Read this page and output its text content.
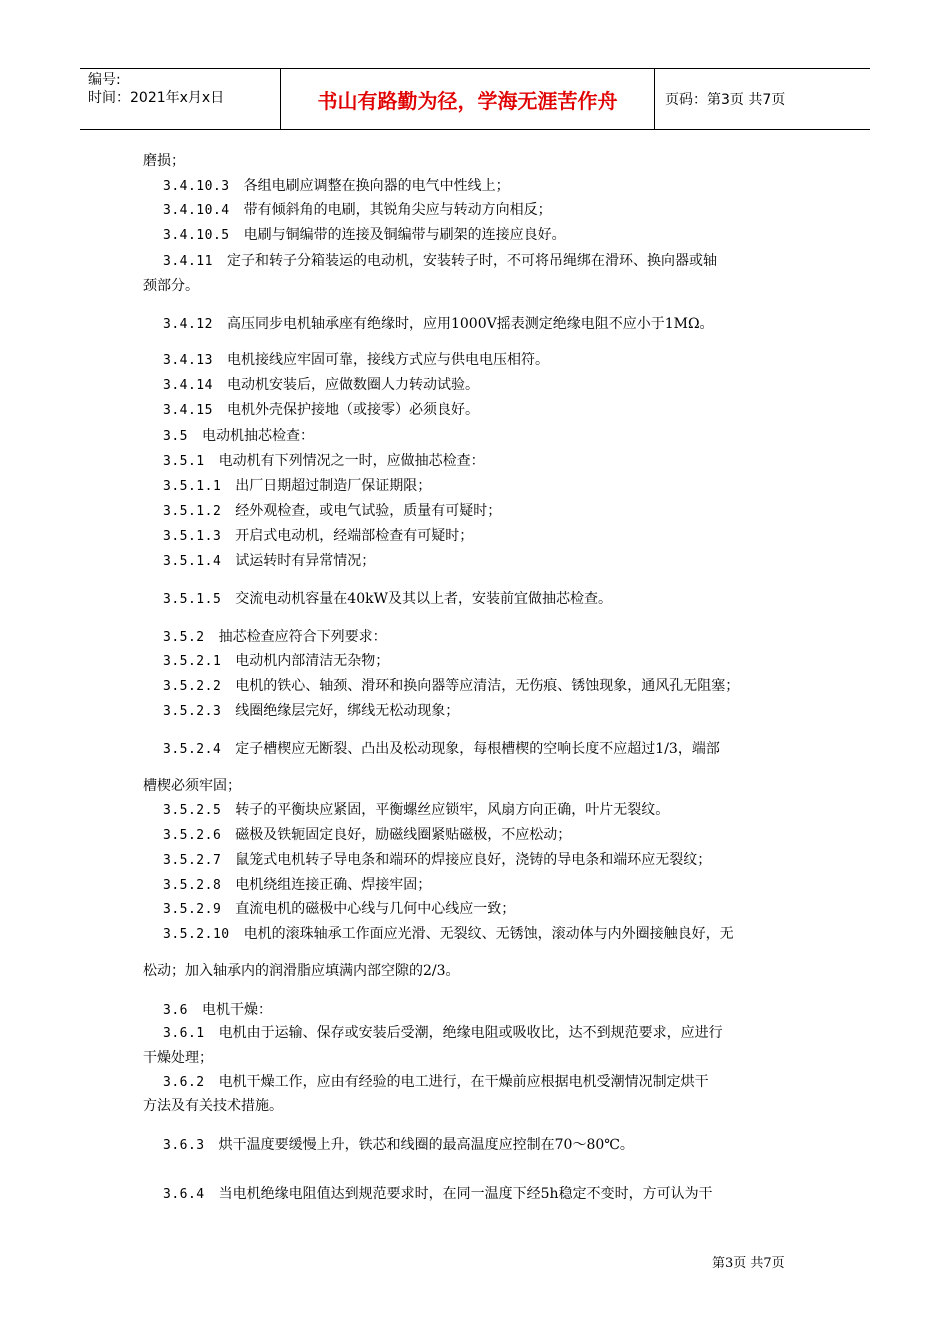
编号:
时间：2021年x月x日	书山有路勤为径，学海无涯苦作舟	页码：第3页 共7页
磨损；
3.4.10.3 各组电刷应调整在换向器的电气中性线上；
3.4.10.4 带有倾斜角的电刷，其锐角尖应与转动方向相反；
3.4.10.5 电刷与铜编带的连接及铜编带与刷架的连接应良好。
3.4.11 定子和转子分箱装运的电动机，安装转子时，不可将吊绳绑在滑环、换向器或轴
颈部分。
3.4.12 高压同步电机轴承座有绝缘时，应用1000V摇表测定绝缘电阻不应小于1MΩ。
3.4.13 电机接线应牢固可靠，接线方式应与供电电压相符。
3.4.14 电动机安装后，应做数圈人力转动试验。
3.4.15 电机外壳保护接地（或接零）必须良好。
3.5 电动机抽芯检查：
3.5.1 电动机有下列情况之一时，应做抽芯检查：
3.5.1.1 出厂日期超过制造厂保证期限；
3.5.1.2 经外观检查，或电气试验，质量有可疑时；
3.5.1.3 开启式电动机，经端部检查有可疑时；
3.5.1.4 试运转时有异常情况；
3.5.1.5 交流电动机容量在40kW及其以上者，安装前宜做抽芯检查。
3.5.2 抽芯检查应符合下列要求：
3.5.2.1 电动机内部清洁无杂物；
3.5.2.2 电机的铁心、轴颈、滑环和换向器等应清洁，无伤痕、锈蚀现象，通风孔无阻塞；
3.5.2.3 线圈绝缘层完好，绑线无松动现象；
3.5.2.4 定子槽楔应无断裂、凸出及松动现象，每根槽楔的空响长度不应超过1/3，端部
槽楔必须牢固；
3.5.2.5 转子的平衡块应紧固，平衡螺丝应锁牢，风扇方向正确，叶片无裂纹。
3.5.2.6 磁极及铁轭固定良好，励磁线圈紧贴磁极，不应松动；
3.5.2.7 鼠笼式电机转子导电条和端环的焊接应良好，浇铸的导电条和端环应无裂纹；
3.5.2.8 电机绕组连接正确、焊接牢固；
3.5.2.9 直流电机的磁极中心线与几何中心线应一致；
3.5.2.10 电机的滚珠轴承工作面应光滑、无裂纹、无锈蚀，滚动体与内外圈接触良好，无
松动；加入轴承内的润滑脂应填满内部空隙的2/3。
3.6 电机干燥：
3.6.1 电机由于运输、保存或安装后受潮，绝缘电阻或吸收比，达不到规范要求，应进行
干燥处理；
3.6.2 电机干燥工作，应由有经验的电工进行，在干燥前应根据电机受潮情况制定烘干
方法及有关技术措施。
3.6.3 烘干温度要缓慢上升，铁芯和线圈的最高温度应控制在70～80℃。
3.6.4 当电机绝缘电阻值达到规范要求时，在同一温度下经5h稳定不变时，方可认为干
第3页 共7页
